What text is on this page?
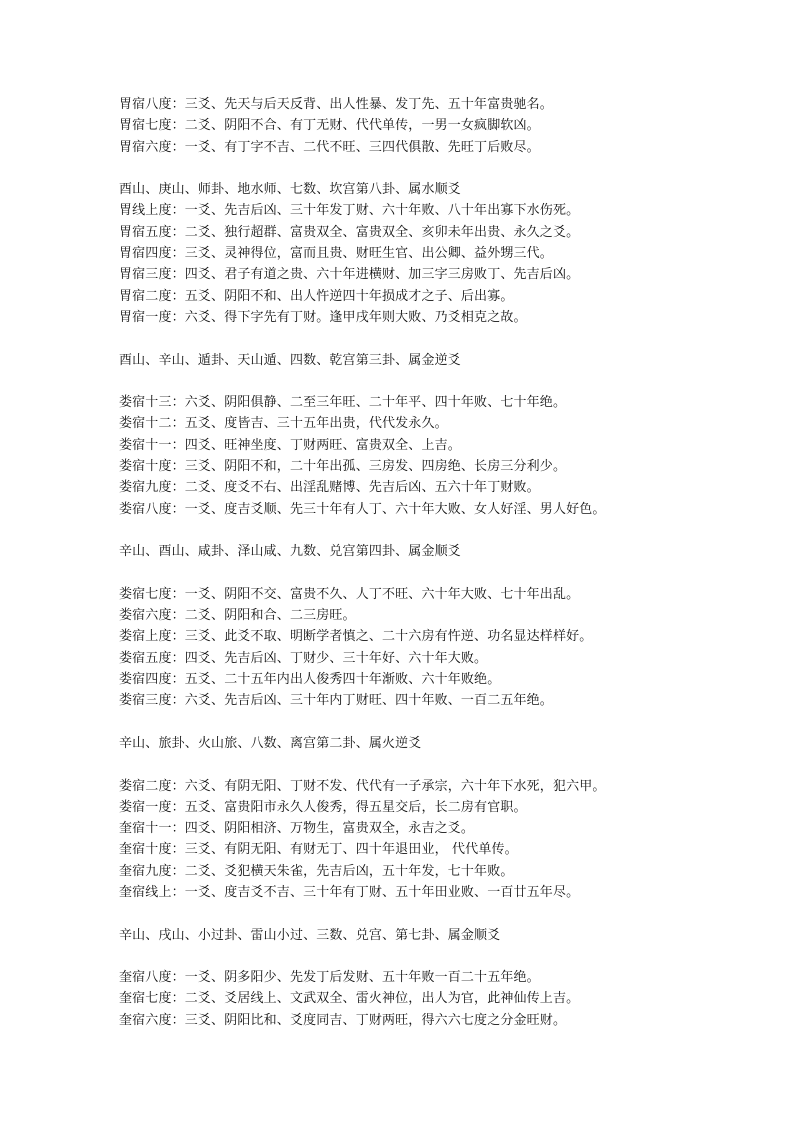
胃宿八度：三爻、先天与后天反背、出人性暴、发丁先、五十年富贵驰名。
胃宿七度：二爻、阴阳不合、有丁无财、代代单传，一男一女疯脚软凶。
胃宿六度：一爻、有丁字不吉、二代不旺、三四代俱散、先旺丁后败尽。
酉山、庚山、师卦、地水师、七数、坎宫第八卦、属水顺爻
胃线上度：一爻、先吉后凶、三十年发丁财、六十年败、八十年出寡下水伤死。
胃宿五度：二爻、独行超群、富贵双全、富贵双全、亥卯未年出贵、永久之爻。
胃宿四度：三爻、灵神得位，富而且贵、财旺生官、出公卿、益外甥三代。
胃宿三度：四爻、君子有道之贵、六十年进横财、加三字三房败丁、先吉后凶。
胃宿二度：五爻、阴阳不和、出人忤逆四十年损成才之子、后出寡。
胃宿一度：六爻、得下字先有丁财。逢甲戌年则大败、乃爻相克之故。
酉山、辛山、遁卦、天山遁、四数、乾宫第三卦、属金逆爻
娄宿十三：六爻、阴阳俱静、二至三年旺、二十年平、四十年败、七十年绝。
娄宿十二：五爻、度皆吉、三十五年出贵，代代发永久。
娄宿十一：四爻、旺神坐度、丁财两旺、富贵双全、上吉。
娄宿十度：三爻、阴阳不和，二十年出孤、三房发、四房绝、长房三分利少。
娄宿九度：二爻、度爻不右、出淫乱赌博、先吉后凶、五六十年丁财败。
娄宿八度：一爻、度吉爻顺、先三十年有人丁、六十年大败、女人好淫、男人好色。
辛山、酉山、咸卦、泽山咸、九数、兑宫第四卦、属金顺爻
娄宿七度：一爻、阴阳不交、富贵不久、人丁不旺、六十年大败、七十年出乱。
娄宿六度：二爻、阴阳和合、二三房旺。
娄宿上度：三爻、此爻不取、明断学者慎之、二十六房有忤逆、功名显达样样好。
娄宿五度：四爻、先吉后凶、丁财少、三十年好、六十年大败。
娄宿四度：五爻、二十五年内出人俊秀四十年渐败、六十年败绝。
娄宿三度：六爻、先吉后凶、三十年内丁财旺、四十年败、一百二五年绝。
辛山、旅卦、火山旅、八数、离宫第二卦、属火逆爻
娄宿二度：六爻、有阴无阳、丁财不发、代代有一子承宗，六十年下水死，犯六甲。
娄宿一度：五爻、富贵阳市永久人俊秀，得五星交后，长二房有官职。
奎宿十一：四爻、阴阳相济、万物生，富贵双全，永吉之爻。
奎宿十度：三爻、有阴无阳、有财无丁、四十年退田业， 代代单传。
奎宿九度：二爻、爻犯横天朱雀，先吉后凶，五十年发，七十年败。
奎宿线上：一爻、度吉爻不吉、三十年有丁财、五十年田业败、一百廿五年尽。
辛山、戌山、小过卦、雷山小过、三数、兑宫、第七卦、属金顺爻
奎宿八度：一爻、阴多阳少、先发丁后发财、五十年败一百二十五年绝。
奎宿七度：二爻、爻居线上、文武双全、雷火神位，出人为官，此神仙传上吉。
奎宿六度：三爻、阴阳比和、爻度同吉、丁财两旺，得六六七度之分金旺财。
